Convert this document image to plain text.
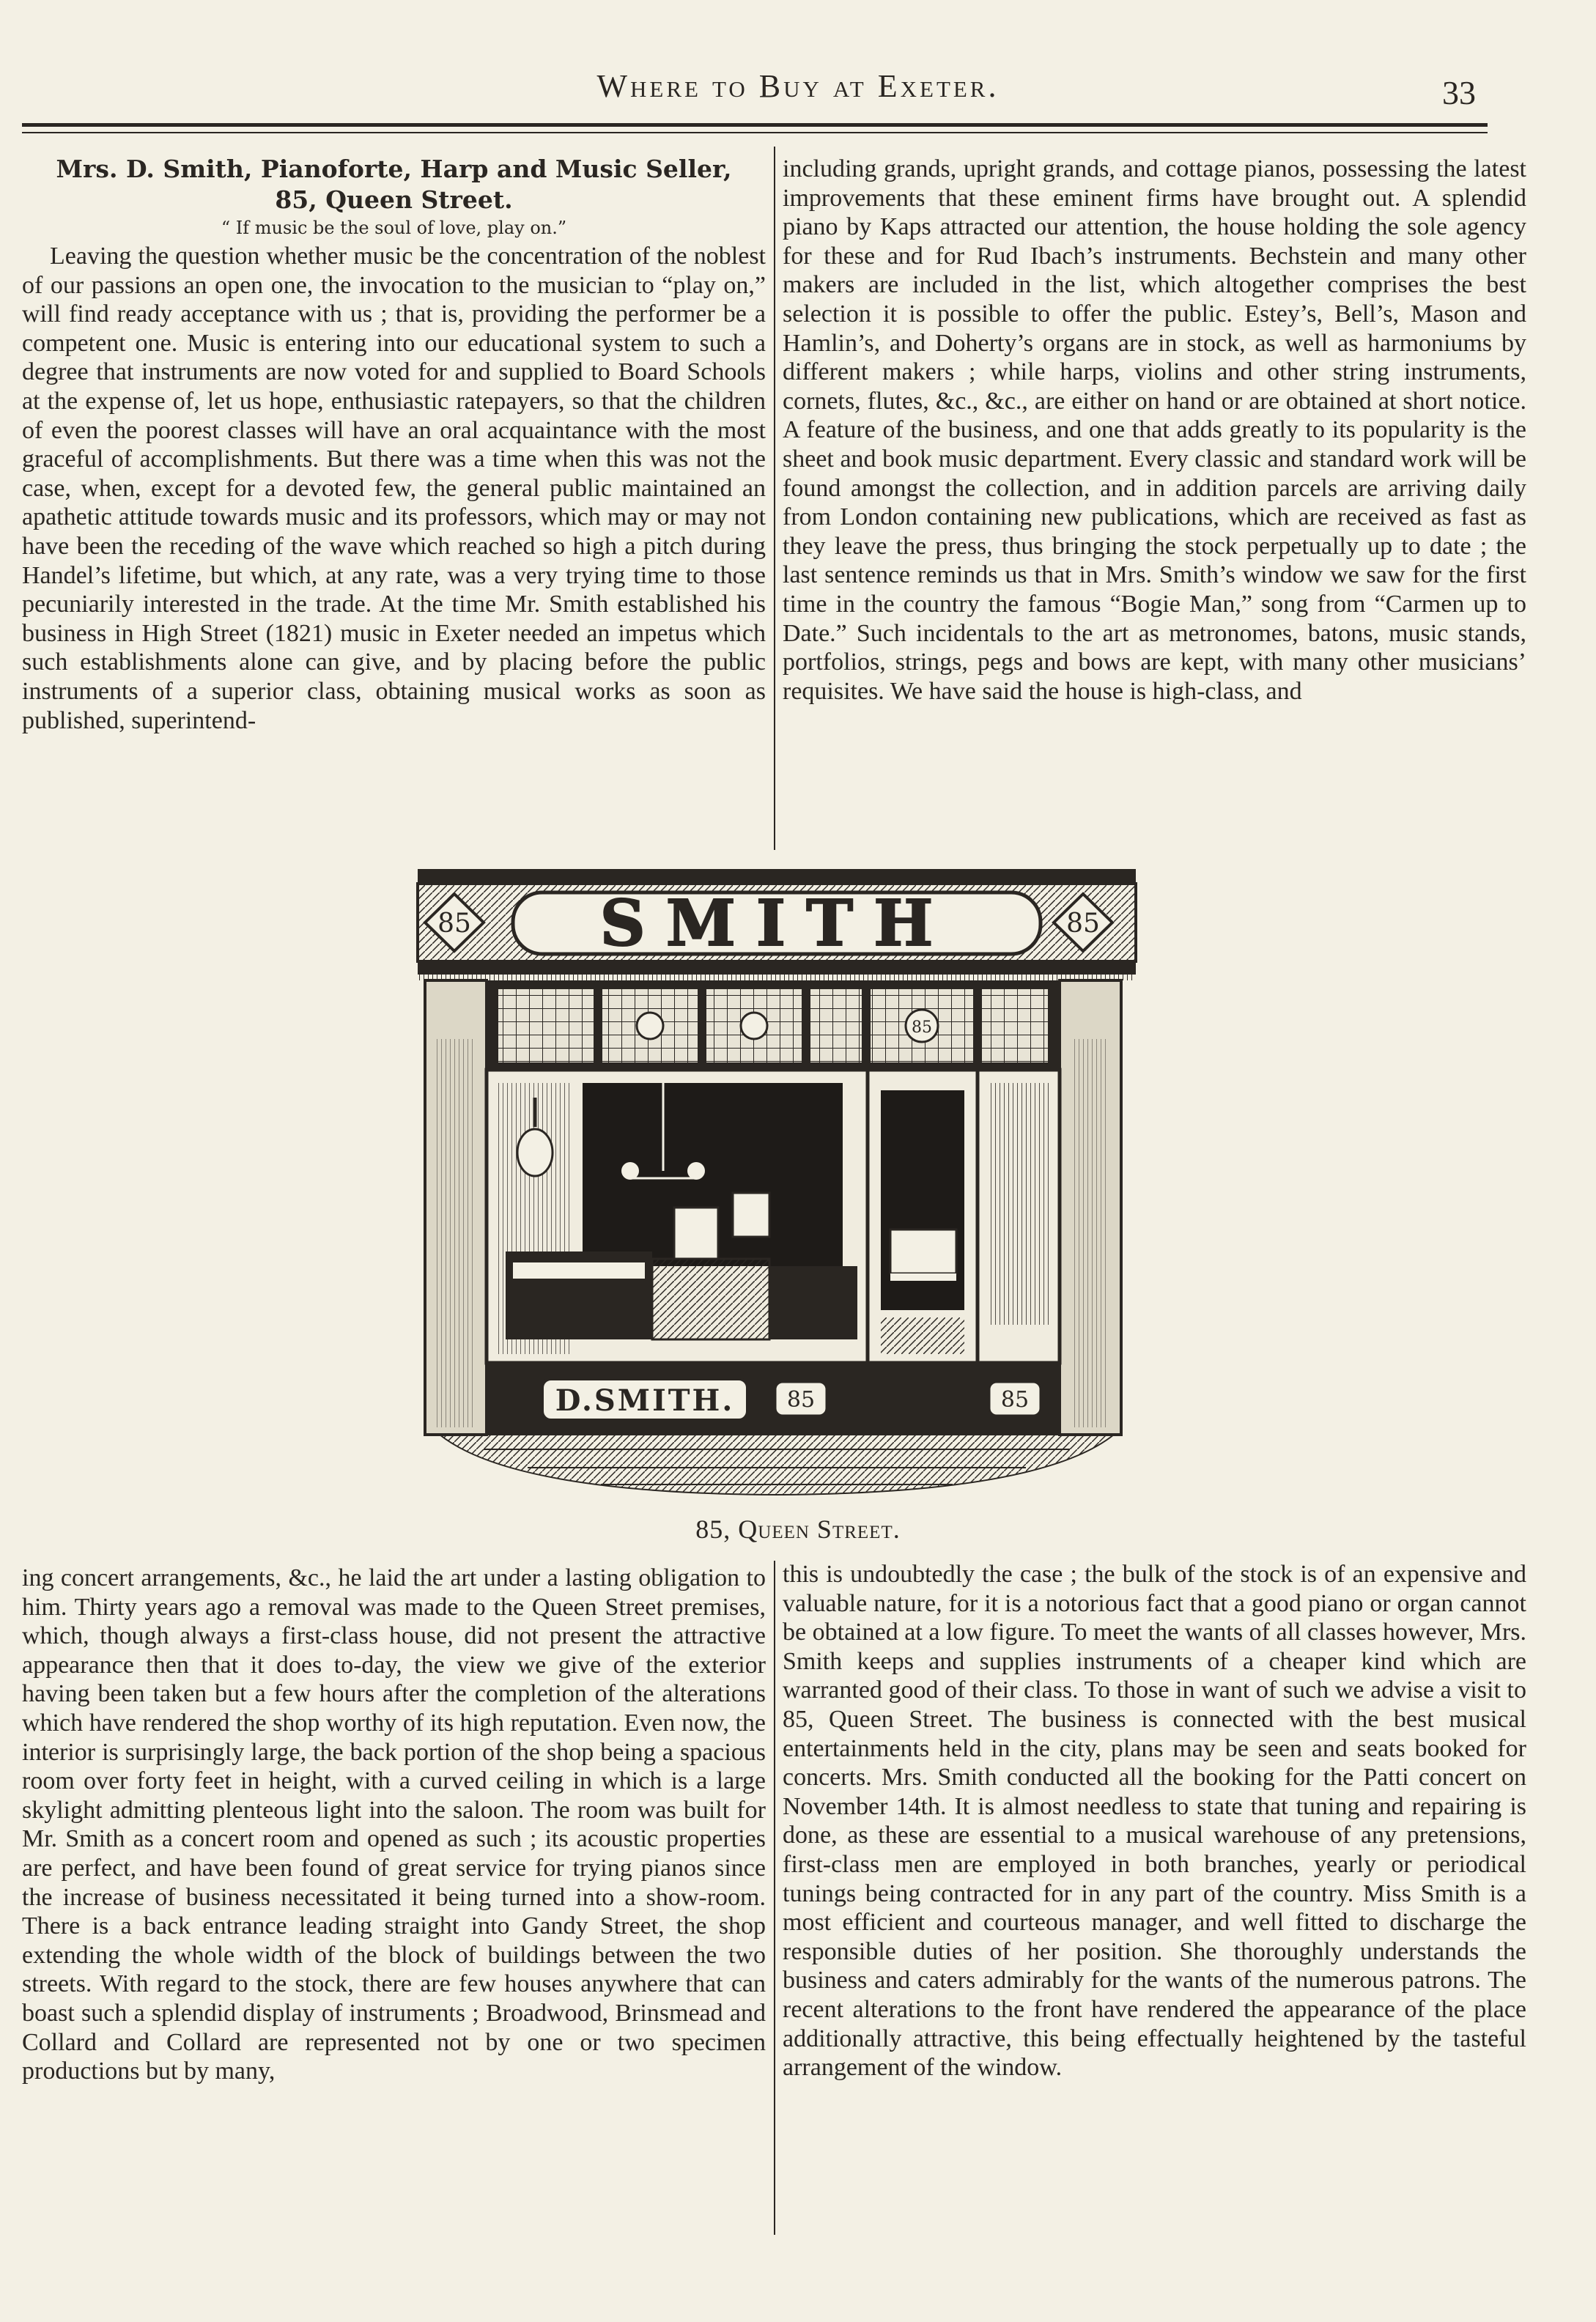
Where to Buy at Exeter.	33
Mrs. D. Smith, Pianoforte, Harp and Music Seller,
85, Queen Street.
“ If music be the soul of love, play on.”

Leaving the question whether music be the concentration of the noblest of our passions an open one, the invocation to the musician to “play on,” will find ready acceptance with us ; that is, providing the performer be a competent one. Music is entering into our educational system to such a degree that instruments are now voted for and supplied to Board Schools at the expense of, let us hope, enthusiastic ratepayers, so that the children of even the poorest classes will have an oral acquaintance with the most graceful of accomplishments. But there was a time when this was not the case, when, except for a devoted few, the general public maintained an apathetic attitude towards music and its professors, which may or may not have been the receding of the wave which reached so high a pitch during Handel’s lifetime, but which, at any rate, was a very trying time to those pecuniarily interested in the trade. At the time Mr. Smith established his business in High Street (1821) music in Exeter needed an impetus which such establishments alone can give, and by placing before the public instruments of a superior class, obtaining musical works as soon as published, superintend-

including grands, upright grands, and cottage pianos, possessing the latest improvements that these eminent firms have brought out. A splendid piano by Kaps attracted our attention, the house holding the sole agency for these and for Rud Ibach’s instruments. Bechstein and many other makers are included in the list, which altogether comprises the best selection it is possible to offer the public. Estey’s, Bell’s, Mason and Hamlin’s, and Doherty’s organs are in stock, as well as harmoniums by different makers ; while harps, violins and other string instruments, cornets, flutes, &c., &c., are either on hand or are obtained at short notice. A feature of the business, and one that adds greatly to its popularity is the sheet and book music department. Every classic and standard work will be found amongst the collection, and in addition parcels are arriving daily from London containing new publications, which are received as fast as they leave the press, thus bringing the stock perpetually up to date ; the last sentence reminds us that in Mrs. Smith’s window we saw for the first time in the country the famous “Bogie Man,” song from “Carmen up to Date.” Such incidentals to the art as metronomes, batons, music stands, portfolios, strings, pegs and bows are kept, with many other musicians’ requisites. We have said the house is high-class, and

SMITH
85	85
85
D.SMITH. 85	85
85, Queen Street.

ing concert arrangements, &c., he laid the art under a lasting obligation to him. Thirty years ago a removal was made to the Queen Street premises, which, though always a first-class house, did not present the attractive appearance then that it does to-day, the view we give of the exterior having been taken but a few hours after the completion of the alterations which have rendered the shop worthy of its high reputation. Even now, the interior is surprisingly large, the back portion of the shop being a spacious room over forty feet in height, with a curved ceiling in which is a large skylight admitting plenteous light into the saloon. The room was built for Mr. Smith as a concert room and opened as such ; its acoustic properties are perfect, and have been found of great service for trying pianos since the increase of business necessitated it being turned into a show-room. There is a back entrance leading straight into Gandy Street, the shop extending the whole width of the block of buildings between the two streets. With regard to the stock, there are few houses anywhere that can boast such a splendid display of instruments ; Broadwood, Brinsmead and Collard and Collard are represented not by one or two specimen productions but by many,

this is undoubtedly the case ; the bulk of the stock is of an expensive and valuable nature, for it is a notorious fact that a good piano or organ cannot be obtained at a low figure. To meet the wants of all classes however, Mrs. Smith keeps and supplies instruments of a cheaper kind which are warranted good of their class. To those in want of such we advise a visit to 85, Queen Street. The business is connected with the best musical entertainments held in the city, plans may be seen and seats booked for concerts. Mrs. Smith conducted all the booking for the Patti concert on November 14th. It is almost needless to state that tuning and repairing is done, as these are essential to a musical warehouse of any pretensions, first-class men are employed in both branches, yearly or periodical tunings being contracted for in any part of the country. Miss Smith is a most efficient and courteous manager, and well fitted to discharge the responsible duties of her position. She thoroughly understands the business and caters admirably for the wants of the numerous patrons. The recent alterations to the front have rendered the appearance of the place additionally attractive, this being effectually heightened by the tasteful arrangement of the window.
